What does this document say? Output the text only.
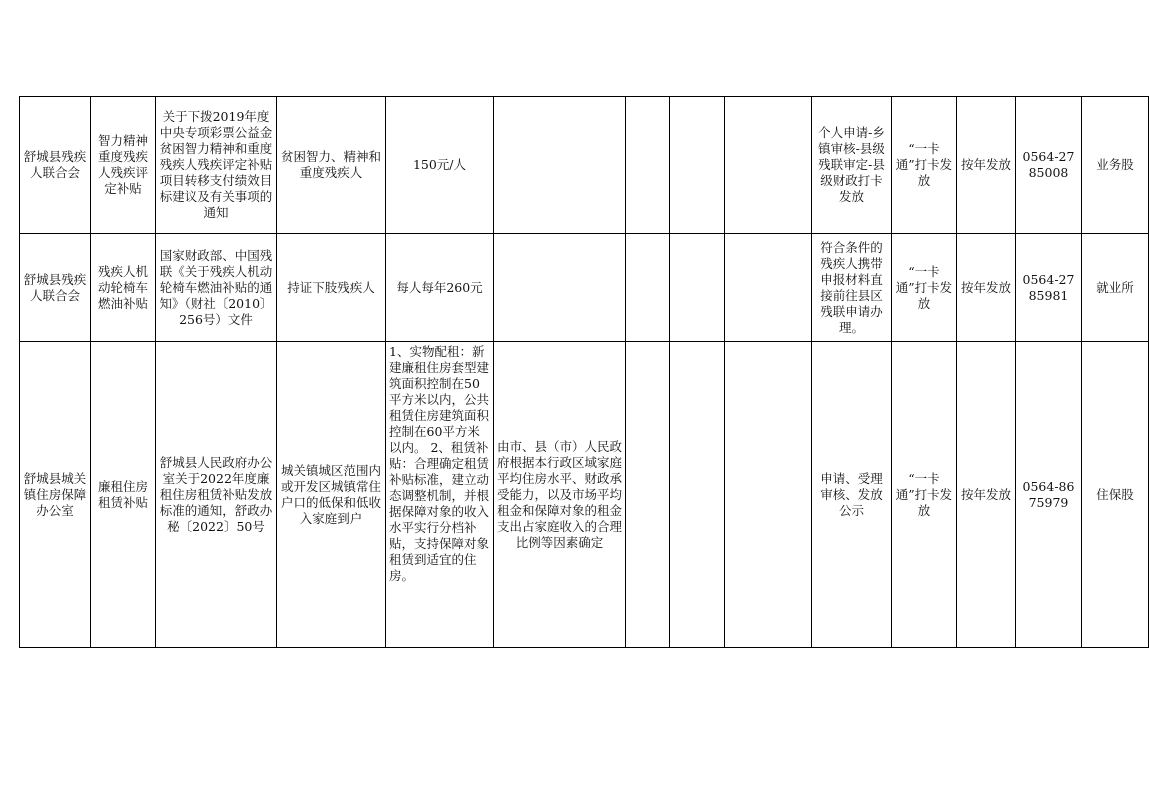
舒城县残疾人联合会	智力精神重度残疾人残疾评定补贴	关于下拨2019年度中央专项彩票公益金贫困智力精神和重度残疾人残疾评定补贴项目转移支付绩效目标建议及有关事项的通知	贫困智力、精神和重度残疾人	150元/人					个人申请-乡镇审核-县级残联审定-县级财政打卡发放	“一卡通”打卡发放	按年发放	0564-2785008	业务股
舒城县残疾人联合会	残疾人机动轮椅车燃油补贴	国家财政部、中国残联《关于残疾人机动轮椅车燃油补贴的通知》（财社〔2010〕256号）文件	持证下肢残疾人	每人每年260元					符合条件的残疾人携带申报材料直接前往县区残联申请办理。	“一卡通”打卡发放	按年发放	0564-2785981	就业所
舒城县城关镇住房保障办公室	廉租住房租赁补贴	舒城县人民政府办公室关于2022年度廉租住房租赁补贴发放标准的通知，舒政办秘〔2022〕50号	城关镇城区范围内或开发区城镇常住户口的低保和低收入家庭到户	1、实物配租：新建廉租住房套型建筑面积控制在50平方米以内，公共租赁住房建筑面积控制在60平方米以内。 2、租赁补贴：合理确定租赁补贴标准，建立动态调整机制，并根据保障对象的收入水平实行分档补贴，支持保障对象租赁到适宜的住房。	由市、县（市）人民政府根据本行政区域家庭平均住房水平、财政承受能力，以及市场平均租金和保障对象的租金支出占家庭收入的合理比例等因素确定				申请、受理审核、发放公示	“一卡通”打卡发放	按年发放	0564-8675979	住保股
